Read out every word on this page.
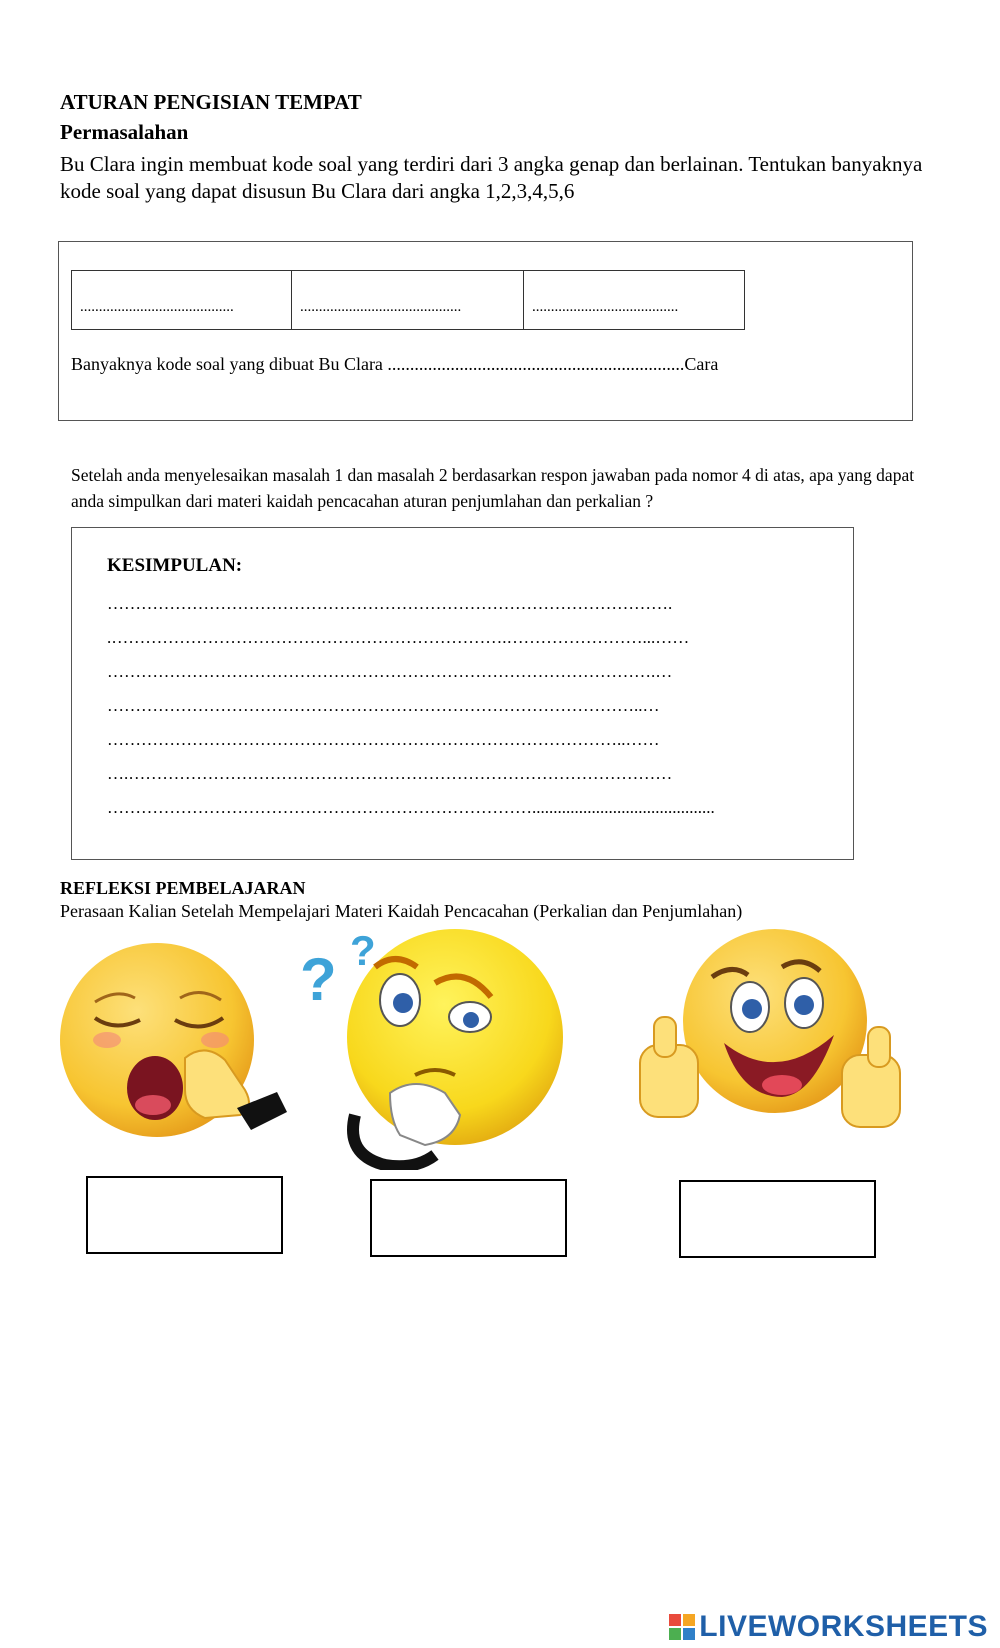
ATURAN PENGISIAN TEMPAT
Permasalahan
Bu Clara ingin membuat kode soal yang terdiri dari 3 angka genap dan berlainan. Tentukan banyaknya kode soal yang dapat disusun Bu Clara dari angka 1,2,3,4,5,6
.........................................	...........................................	.......................................
Banyaknya kode soal yang dibuat Bu Clara ..................................................................Cara
Setelah anda menyelesaikan masalah 1 dan masalah 2 berdasarkan respon jawaban pada nomor 4 di atas, apa yang dapat anda simpulkan dari materi kaidah pencacahan aturan penjumlahan dan perkalian ?
KESIMPULAN:
……………………………………………………………………………………….
.…………………………………………………………….……………………...……
…………………………………………………………………………………….…
…………………………………………………………………………………..…
………………………………………………………………………………..……
….……………………………………………………………………………………
…………………………………………………………………...........................................
REFLEKSI PEMBELAJARAN
Perasaan Kalian Setelah Mempelajari Materi Kaidah Pencacahan (Perkalian dan Penjumlahan)
? ?
LIVEWORKSHEETS
